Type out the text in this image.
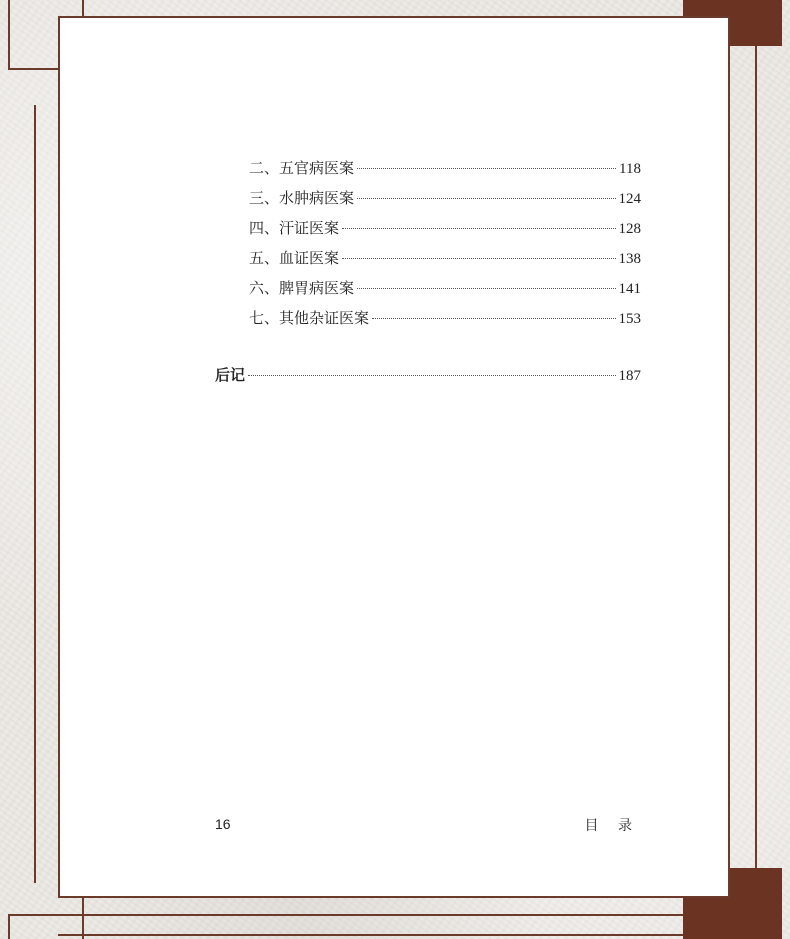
二、五官病医案	118
三、水肿病医案	124
四、汗证医案	128
五、血证医案	138
六、脾胃病医案	141
七、其他杂证医案	153
后记	187
16	目 录
